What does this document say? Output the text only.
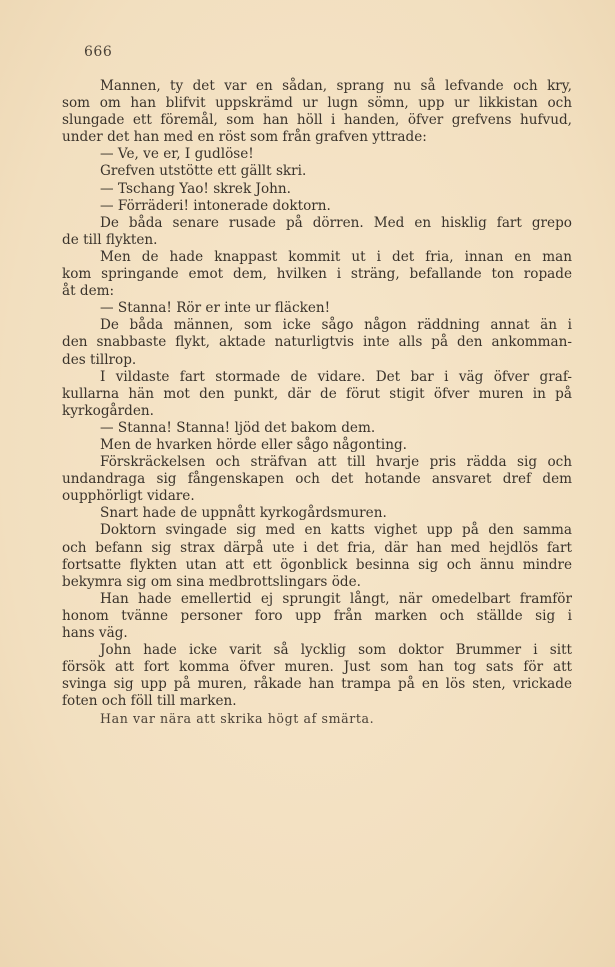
666
Mannen, ty det var en sådan, sprang nu så lefvande och kry,
som om han blifvit uppskrämd ur lugn sömn, upp ur likkistan och
slungade ett föremål, som han höll i handen, öfver grefvens hufvud,
under det han med en röst som från grafven yttrade:
— Ve, ve er, I gudlöse!
Grefven utstötte ett gällt skri.
— Tschang Yao! skrek John.
— Förräderi! intonerade doktorn.
De båda senare rusade på dörren. Med en hisklig fart grepo
de till flykten.
Men de hade knappast kommit ut i det fria, innan en man
kom springande emot dem, hvilken i sträng, befallande ton ropade
åt dem:
— Stanna! Rör er inte ur fläcken!
De båda männen, som icke sågo någon räddning annat än i
den snabbaste flykt, aktade naturligtvis inte alls på den ankomman-
des tillrop.
I vildaste fart stormade de vidare. Det bar i väg öfver graf-
kullarna hän mot den punkt, där de förut stigit öfver muren in på
kyrkogården.
— Stanna! Stanna! ljöd det bakom dem.
Men de hvarken hörde eller sågo någonting.
Förskräckelsen och sträfvan att till hvarje pris rädda sig och
undandraga sig fångenskapen och det hotande ansvaret dref dem
oupphörligt vidare.
Snart hade de uppnått kyrkogårdsmuren.
Doktorn svingade sig med en katts vighet upp på den samma
och befann sig strax därpå ute i det fria, där han med hejdlös fart
fortsatte flykten utan att ett ögonblick besinna sig och ännu mindre
bekymra sig om sina medbrottslingars öde.
Han hade emellertid ej sprungit långt, när omedelbart framför
honom tvänne personer foro upp från marken och ställde sig i
hans väg.
John hade icke varit så lycklig som doktor Brummer i sitt
försök att fort komma öfver muren. Just som han tog sats för att
svinga sig upp på muren, råkade han trampa på en lös sten, vrickade
foten och föll till marken.
Han var nära att skrika högt af smärta.
